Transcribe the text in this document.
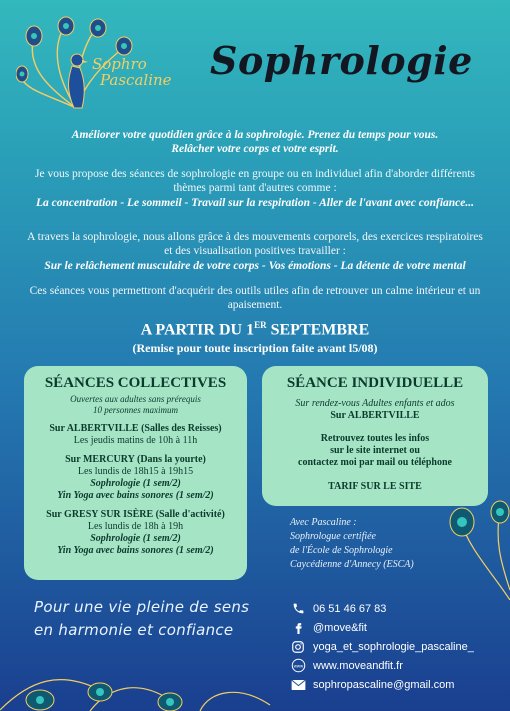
Sophro
Pascaline Sophrologie
Améliorer votre quotidien grâce à la sophrologie. Prenez du temps pour vous.
Relâcher votre corps et votre esprit.
Je vous propose des séances de sophrologie en groupe ou en individuel afin d'aborder différents thèmes parmi tant d'autres comme :
La concentration - Le sommeil - Travail sur la respiration - Aller de l'avant avec confiance...
A travers la sophrologie, nous allons grâce à des mouvements corporels, des exercices respiratoires et des visualisation positives travailler :
Sur le relâchement musculaire de votre corps - Vos émotions - La détente de votre mental
Ces séances vous permettront d'acquérir des outils utiles afin de retrouver un calme intérieur et un apaisement.
A PARTIR DU 1ER SEPTEMBRE
(Remise pour toute inscription faite avant l5/08)
SÉANCES COLLECTIVES
Ouvertes aux adultes sans prérequis
10 personnes maximum
Sur ALBERTVILLE (Salles des Reisses)
Les jeudis matins de 10h à 11h
Sur MERCURY (Dans la yourte)
Les lundis de 18h15 à 19h15
Sophrologie (1 sem/2)
Yin Yoga avec bains sonores (1 sem/2)
Sur GRESY SUR ISÈRE (Salle d'activité)
Les lundis de 18h à 19h
Sophrologie (1 sem/2)
Yin Yoga avec bains sonores (1 sem/2)
SÉANCE INDIVIDUELLE
Sur rendez-vous Adultes enfants et ados
Sur ALBERTVILLE
Retrouvez toutes les infos
sur le site internet ou
contactez moi par mail ou téléphone
TARIF SUR LE SITE
Avec Pascaline :
Sophrologue certifiée
de l'École de Sophrologie
Caycédienne d'Annecy (ESCA)
Pour une vie pleine de sens
en harmonie et confiance
06 51 46 67 83
@move&fit
yoga_et_sophrologie_pascaline_
www www.moveandfit.fr
sophropascaline@gmail.com
